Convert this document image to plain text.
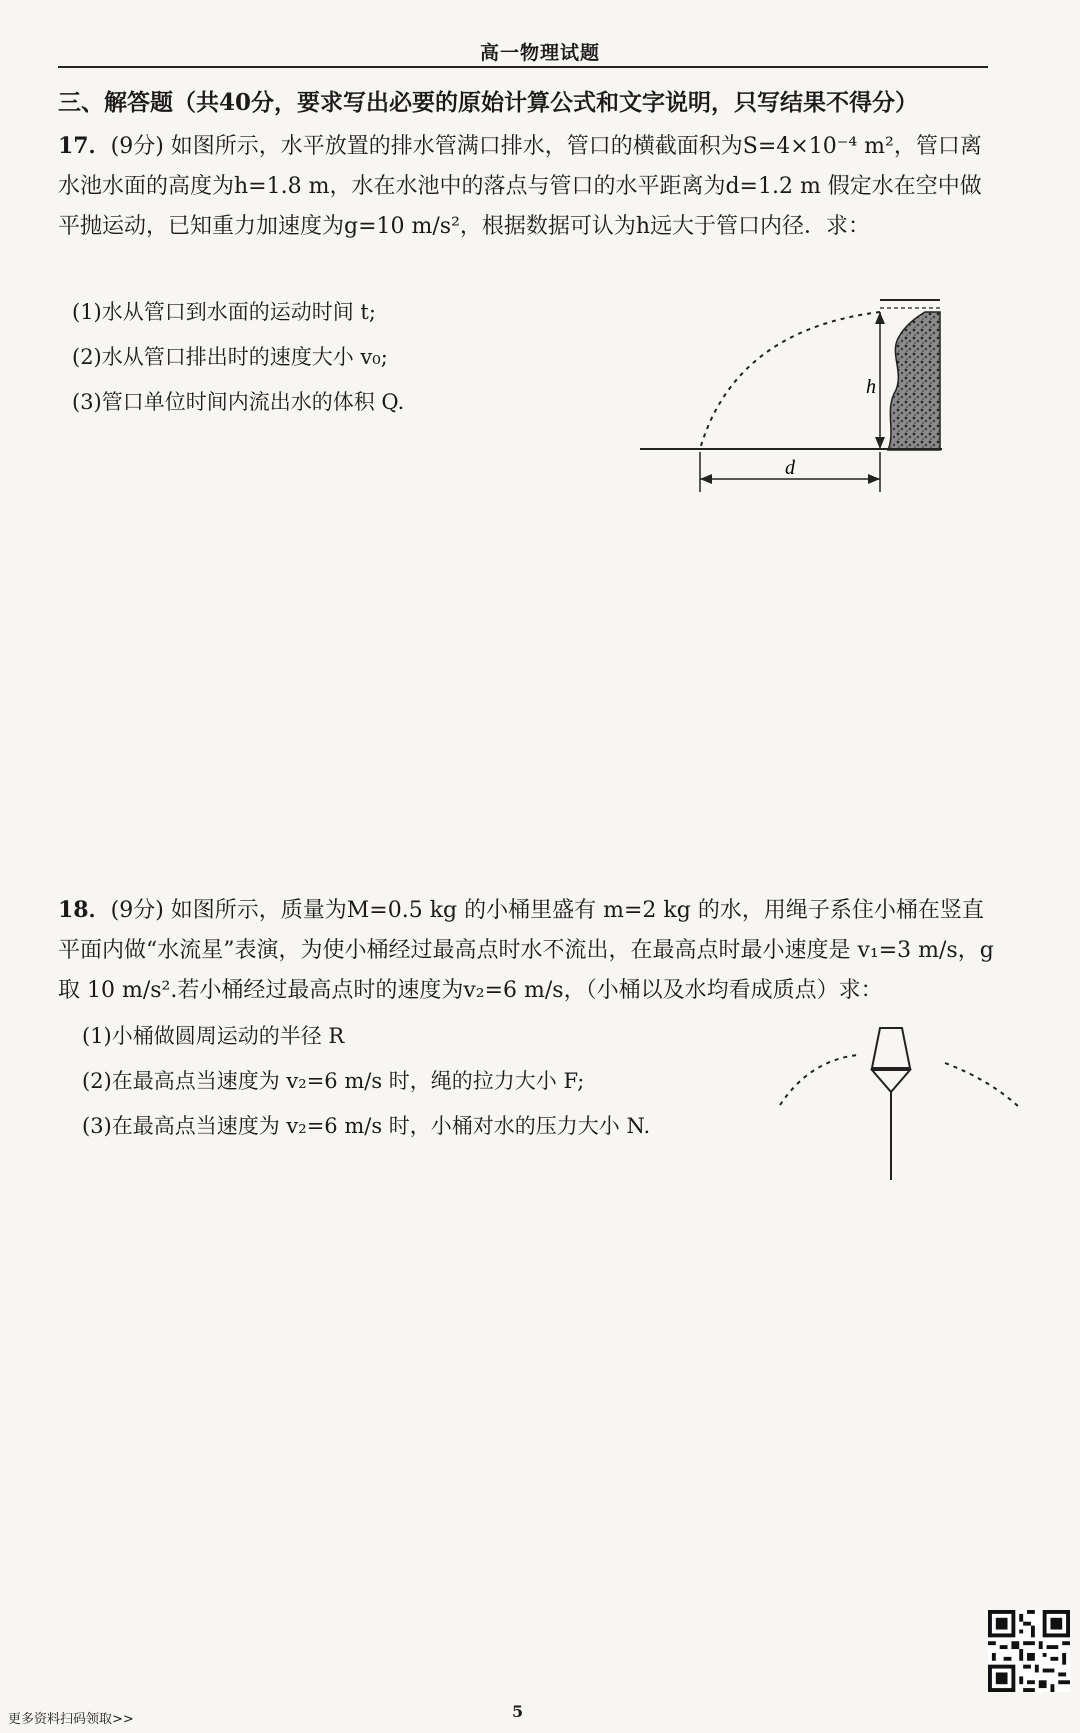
高一物理试题
三、解答题（共40分，要求写出必要的原始计算公式和文字说明，只写结果不得分）
17．(9分) 如图所示，水平放置的排水管满口排水，管口的横截面积为S=4×10⁻⁴ m²，管口离水池水面的高度为h=1.8 m，水在水池中的落点与管口的水平距离为d=1.2 m 假定水在空中做平抛运动，已知重力加速度为g=10 m/s²，根据数据可认为h远大于管口内径．求：
(1)水从管口到水面的运动时间 t;
(2)水从管口排出时的速度大小 v₀;
(3)管口单位时间内流出水的体积 Q.
h
d
18．(9分) 如图所示，质量为M=0.5 kg 的小桶里盛有 m=2 kg 的水，用绳子系住小桶在竖直平面内做“水流星”表演，为使小桶经过最高点时水不流出，在最高点时最小速度是 v₁=3 m/s，g 取 10 m/s².若小桶经过最高点时的速度为v₂=6 m/s，（小桶以及水均看成质点）求：
(1)小桶做圆周运动的半径 R
(2)在最高点当速度为 v₂=6 m/s 时，绳的拉力大小 F;
(3)在最高点当速度为 v₂=6 m/s 时，小桶对水的压力大小 N.
更多资料扫码领取>>	5
